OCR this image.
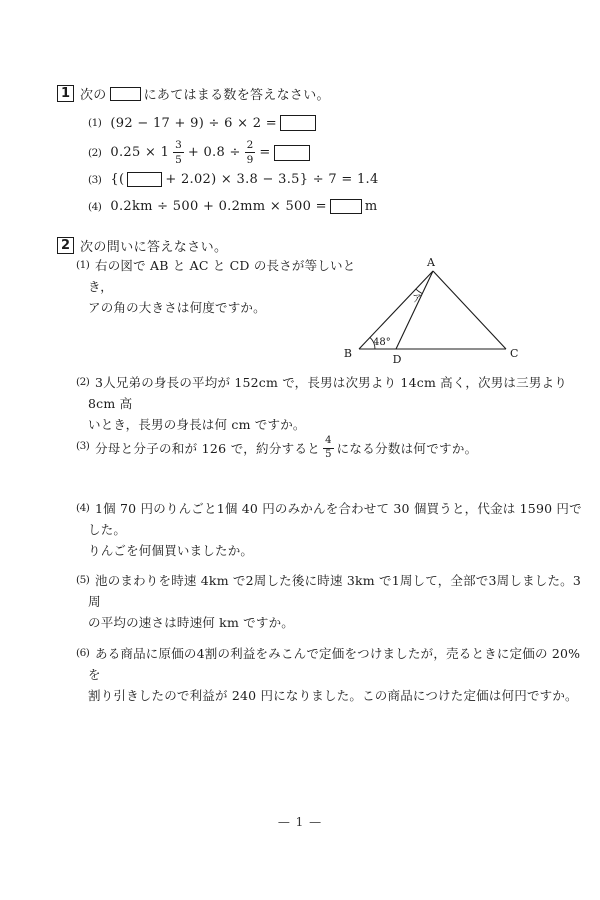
1 次の	にあてはまる数を答えなさい。
(1) (92 − 17 + 9) ÷ 6 × 2 =
(2) $0.25 \times 1 \frac{3}{5} + 0.8 \div \frac{2}{9}$ =
(3) {(	+ 2.02) × 3.8 − 3.5} ÷ 7 = 1.4
(4) 0.2km ÷ 500 + 0.2mm × 500 =	m
2 次の問いに答えなさい。
(1) 右の図で AB と AC と CD の長さが等しいとき，
アの角の大きさは何度ですか。
A
B	C
D
48°
ア
(2) 3人兄弟の身長の平均が 152cm で，長男は次男より 14cm 高く，次男は三男より 8cm 高
いとき，長男の身長は何 cm ですか。
(3) 分母と分子の和が 126 で，約分すると $\frac{4}{5}$ になる分数は何ですか。
(4) 1個 70 円のりんごと1個 40 円のみかんを合わせて 30 個買うと，代金は 1590 円でした。
りんごを何個買いましたか。
(5) 池のまわりを時速 4km で2周した後に時速 3km で1周して，全部で3周しました。3周
の平均の速さは時速何 km ですか。
(6) ある商品に原価の4割の利益をみこんで定価をつけましたが，売るときに定価の 20% を
割り引きしたので利益が 240 円になりました。この商品につけた定価は何円ですか。
— 1 —
